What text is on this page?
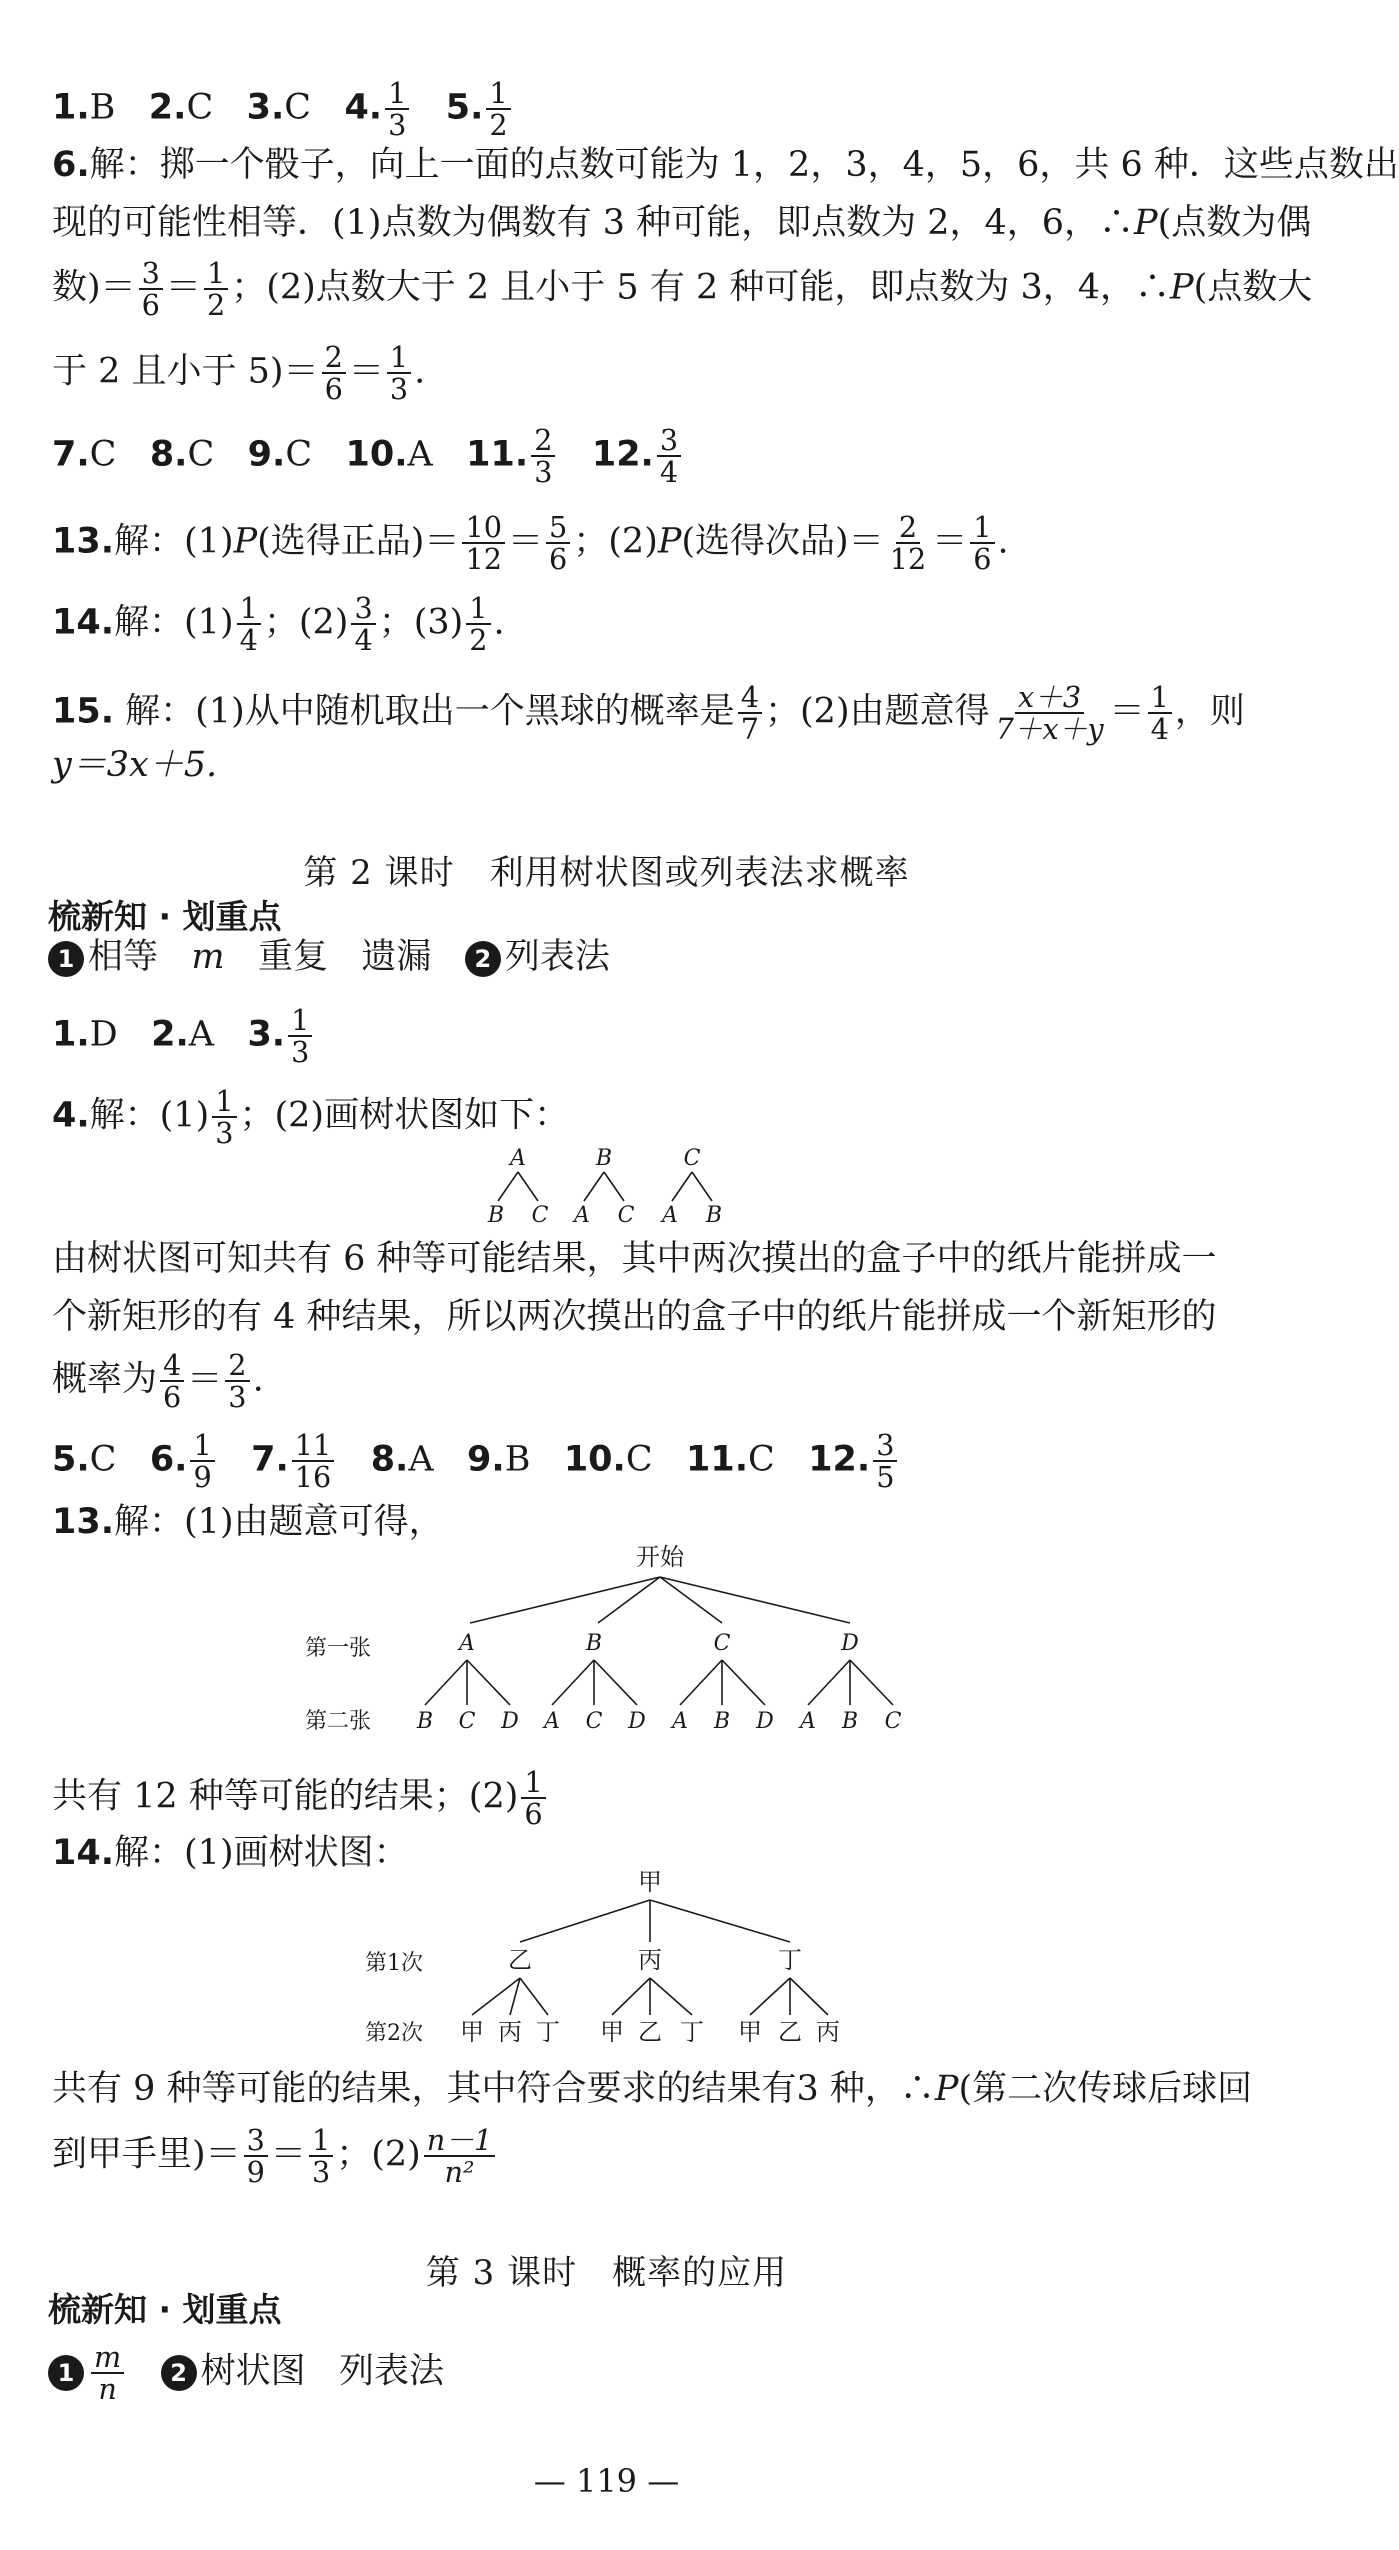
1.B 2.C 3.C 4. $\frac{1}{3} 5$. $\frac{1}{2}$
6.解：掷一个骰子，向上一面的点数可能为 1，2，3，4，5，6，共 6 种．这些点数出
现的可能性相等．(1)点数为偶数有 3 种可能，即点数为 2，4，6，∴P(点数为偶
数)＝ $\frac{3}{6} = \frac{1}{2}$ ；(2)点数大于 2 且小于 5 有 2 种可能，即点数为 3，4，∴P(点数大
于 2 且小于 $5)= \frac{2}{6} = \frac{1}{3}$ .
7.C 8.C 9.C 10.A 11. $\frac{2}{3} 12$. $\frac{3}{4}$
13.解：(1)P(选得正品)＝ $\frac{10}{12} = \frac{5}{6}$ ；(2)P(选得次品)＝ $\frac{2}{12} = \frac{1}{6}$ .
14.解：$(1) \frac{1}{4}$ ；$(2) \frac{3}{4}$ ；$(3) \frac{1}{2}$ .
15. 解：(1)从中随机取出一个黑球的概率是 $\frac{4}{7}$ ；(2)由题意得 $\frac{x+3}{7+x+y} = \frac{1}{4}$ ，则
y＝3x＋5.
第 2 课时　利用树状图或列表法求概率
梳新知 · 划重点
1 相等 m 重复 遗漏 2 列表法
1.D 2.A 3. $\frac{1}{3}$
4.解：$(1) \frac{1}{3}$ ；(2)画树状图如下：
A	B	C
B C A C A B
由树状图可知共有 6 种等可能结果，其中两次摸出的盒子中的纸片能拼成一
个新矩形的有 4 种结果，所以两次摸出的盒子中的纸片能拼成一个新矩形的
概率为 $\frac{4}{6} = \frac{2}{3}$ .
5.C 6. $\frac{1}{9} 7$. $\frac{11}{16} 8.A$ 9.B 10.C 11.C 12. $\frac{3}{5}$
13.解：(1)由题意可得，
开始
第一张
第二张
A	B	C	D
B C D A C D A B D A B C
共有 12 种等可能的结果；$(2) \frac{1}{6}$
14.解：(1)画树状图：
甲
乙	丙	丁
甲 丙 丁 甲 乙 丁 甲 乙 丙
第1次
第2次
共有 9 种等可能的结果，其中符合要求的结果有3 种，∴P(第二次传球后球回
到甲手里)＝ $\frac{3}{9} = \frac{1}{3}$ ；$(2) \frac{n-1}{\text{n²}}$
第 3 课时　概率的应用
梳新知 · 划重点
$1 \frac{m}{n} 2$ 树状图 列表法
— 119 —
